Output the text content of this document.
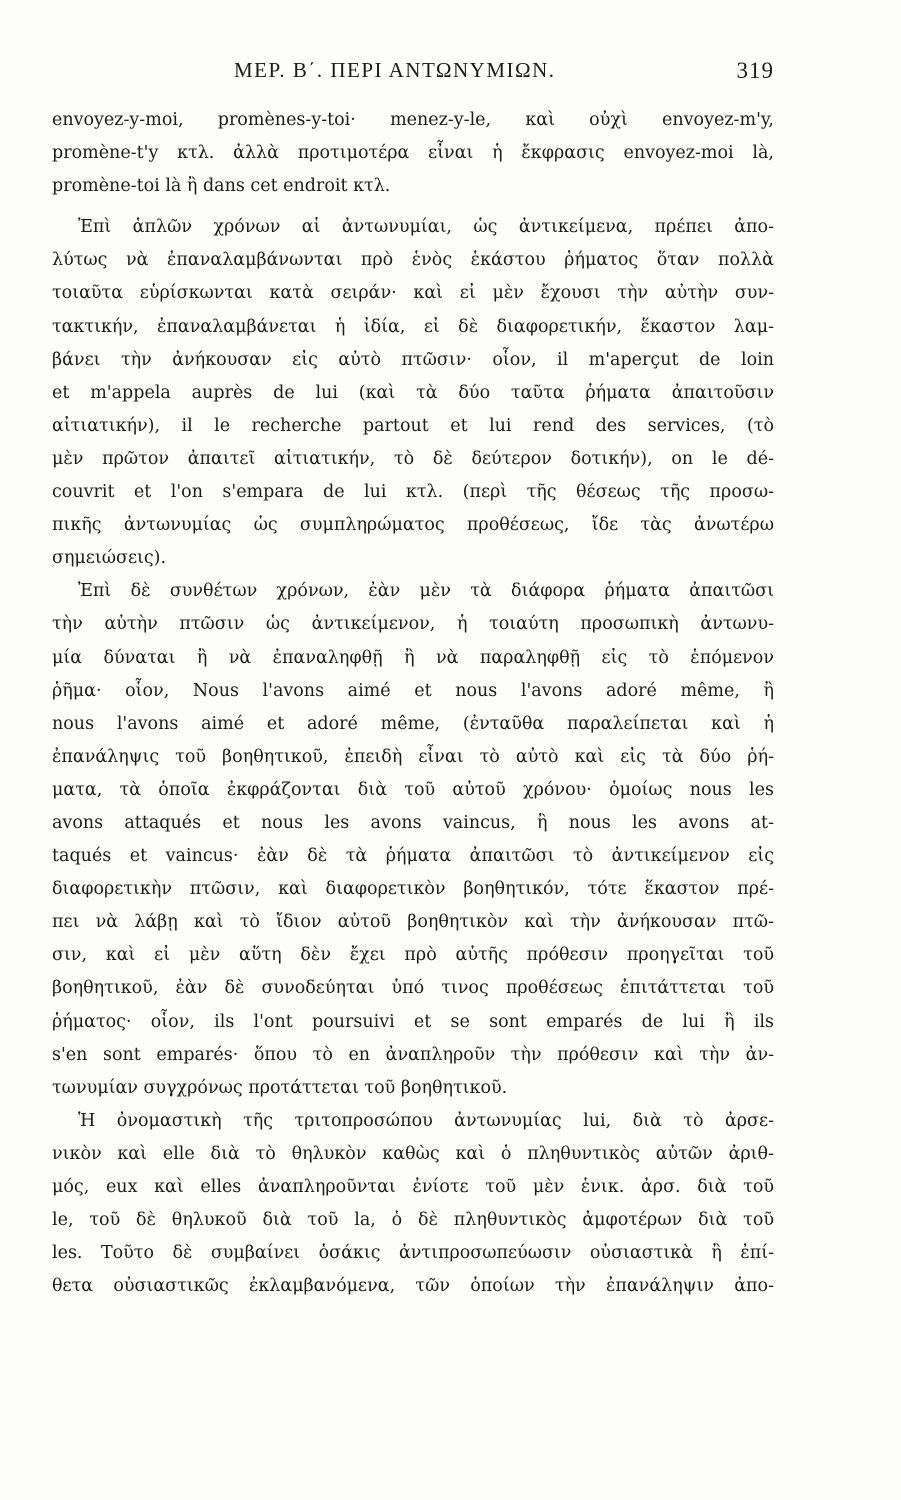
ΜΕΡ. Β΄. ΠΕΡΙ ΑΝΤΩΝΥΜΙΩΝ.	319
envoyez-y-moi, promènes-y-toi· menez-y-le, καὶ οὐχὶ envoyez-m'y,
promène-t'y κτλ. ἀλλὰ προτιμοτέρα εἶναι ἡ ἔκφρασις envoyez-moi là,
promène-toi là ἢ dans cet endroit κτλ.
Ἐπὶ ἁπλῶν χρόνων αἱ ἀντωνυμίαι, ὡς ἀντικείμενα, πρέπει ἀπο-
λύτως νὰ ἐπαναλαμβάνωνται πρὸ ἑνὸς ἑκάστου ῥήματος ὅταν πολλὰ
τοιαῦτα εὑρίσκωνται κατὰ σειράν· καὶ εἰ μὲν ἔχουσι τὴν αὐτὴν συν-
τακτικήν, ἐπαναλαμβάνεται ἡ ἰδία, εἰ δὲ διαφορετικήν, ἕκαστον λαμ-
βάνει τὴν ἀνήκουσαν εἰς αὐτὸ πτῶσιν· οἷον, il m'aperçut de loin
et m'appela auprès de lui (καὶ τὰ δύο ταῦτα ῥήματα ἀπαιτοῦσιν
αἰτιατικήν), il le recherche partout et lui rend des services, (τὸ
μὲν πρῶτον ἀπαιτεῖ αἰτιατικήν, τὸ δὲ δεύτερον δοτικήν), on le dé-
couvrit et l'on s'empara de lui κτλ. (περὶ τῆς θέσεως τῆς προσω-
πικῆς ἀντωνυμίας ὡς συμπληρώματος προθέσεως, ἴδε τὰς ἀνωτέρω
σημειώσεις).
Ἐπὶ δὲ συνθέτων χρόνων, ἐὰν μὲν τὰ διάφορα ῥήματα ἀπαιτῶσι
τὴν αὐτὴν πτῶσιν ὡς ἀντικείμενον, ἡ τοιαύτη προσωπικὴ ἀντωνυ-
μία δύναται ἢ νὰ ἐπαναληφθῇ ἢ νὰ παραληφθῇ εἰς τὸ ἑπόμενον
ῥῆμα· οἷον, Nous l'avons aimé et nous l'avons adoré même, ἢ
nous l'avons aimé et adoré même, (ἐνταῦθα παραλείπεται καὶ ἡ
ἐπανάληψις τοῦ βοηθητικοῦ, ἐπειδὴ εἶναι τὸ αὐτὸ καὶ εἰς τὰ δύο ῥή-
ματα, τὰ ὁποῖα ἐκφράζονται διὰ τοῦ αὐτοῦ χρόνου· ὁμοίως nous les
avons attaqués et nous les avons vaincus, ἢ nous les avons at-
taqués et vaincus· ἐὰν δὲ τὰ ῥήματα ἀπαιτῶσι τὸ ἀντικείμενον εἰς
διαφορετικὴν πτῶσιν, καὶ διαφορετικὸν βοηθητικόν, τότε ἕκαστον πρέ-
πει νὰ λάβῃ καὶ τὸ ἴδιον αὐτοῦ βοηθητικὸν καὶ τὴν ἀνήκουσαν πτῶ-
σιν, καὶ εἰ μὲν αὕτη δὲν ἔχει πρὸ αὐτῆς πρόθεσιν προηγεῖται τοῦ
βοηθητικοῦ, ἐὰν δὲ συνοδεύηται ὑπό τινος προθέσεως ἐπιτάττεται τοῦ
ῥήματος· οἷον, ils l'ont poursuivi et se sont emparés de lui ἢ ils
s'en sont emparés· ὅπου τὸ en ἀναπληροῦν τὴν πρόθεσιν καὶ τὴν ἀν-
τωνυμίαν συγχρόνως προτάττεται τοῦ βοηθητικοῦ.
Ἡ ὀνομαστικὴ τῆς τριτοπροσώπου ἀντωνυμίας lui, διὰ τὸ ἀρσε-
νικὸν καὶ elle διὰ τὸ θηλυκὸν καθὼς καὶ ὁ πληθυντικὸς αὐτῶν ἀριθ-
μός, eux καὶ elles ἀναπληροῦνται ἐνίοτε τοῦ μὲν ἑνικ. ἀρσ. διὰ τοῦ
le, τοῦ δὲ θηλυκοῦ διὰ τοῦ la, ὁ δὲ πληθυντικὸς ἀμφοτέρων διὰ τοῦ
les. Τοῦτο δὲ συμβαίνει ὁσάκις ἀντιπροσωπεύωσιν οὐσιαστικὰ ἢ ἐπί-
θετα οὐσιαστικῶς ἐκλαμβανόμενα, τῶν ὁποίων τὴν ἐπανάληψιν ἀπο-
